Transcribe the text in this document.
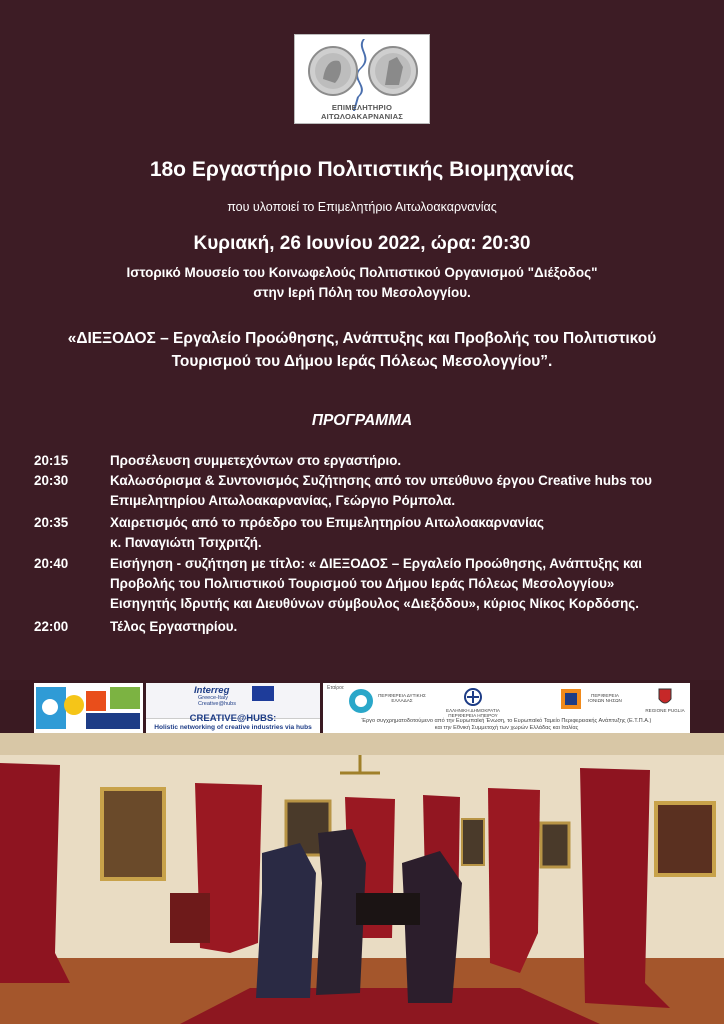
ΕΠΙΜΕΛΗΤΗΡΙΟ ΑΙΤΩΛΟΑΚΑΡΝΑΝΙΑΣ
18ο Εργαστήριο Πολιτιστικής Βιομηχανίας
που υλοποιεί το Επιμελητήριο Αιτωλοακαρνανίας
Κυριακή, 26 Ιουνίου 2022, ώρα: 20:30
Ιστορικό Μουσείο του Κοινωφελούς Πολιτιστικού Οργανισμού "Διέξοδος"
στην Ιερή Πόλη του Μεσολογγίου.
«ΔΙΕΞΟΔΟΣ – Εργαλείο Προώθησης, Ανάπτυξης και Προβολής του Πολιτιστικού
Τουρισμού του Δήμου Ιεράς Πόλεως Μεσολογγίου”.
ΠΡΟΓΡΑΜΜΑ
20:15	Προσέλευση συμμετεχόντων στο εργαστήριο.
20:30	Καλωσόρισμα & Συντονισμός Συζήτησης από τον υπεύθυνο έργου Creative hubs του
Επιμελητηρίου Αιτωλοακαρνανίας, Γεώργιο Ρόμπολα.
20:35	Χαιρετισμός από το πρόεδρο του Επιμελητηρίου Αιτωλοακαρνανίας
κ. Παναγιώτη Τσιχριτζή.
20:40	Εισήγηση - συζήτηση με τίτλο: « ΔΙΕΞΟΔΟΣ – Εργαλείο Προώθησης, Ανάπτυξης και
Προβολής του Πολιτιστικού Τουρισμού του Δήμου Ιεράς Πόλεως Μεσολογγίου»
Εισηγητής Ιδρυτής και Διευθύνων σύμβουλος «Διεξόδου», κύριος Νίκος Κορδόσης.
22:00	Τέλος Εργαστηρίου.
Interreg
Greece-Italy
Creative@hubs
CREATIVE@HUBS:
Holistic networking of creative industries via hubs
Εταίροι:
ΠΕΡΙΦΕΡΕΙΑ ΔΥΤΙΚΗΣ ΕΛΛΑΔΑΣ
ΕΛΛΗΝΙΚΗ ΔΗΜΟΚΡΑΤΙΑ ΠΕΡΙΦΕΡΕΙΑ ΗΠΕΙΡΟΥ
ΠΕΡΙΦΕΡΕΙΑ ΙΟΝΙΩΝ ΝΗΣΩΝ
REGIONE PUGLIA
Έργο συγχρηματοδοτούμενο από την Ευρωπαϊκή Ένωση, το Ευρωπαϊκό Ταμείο Περιφερειακής Ανάπτυξης (Ε.Τ.Π.Α.)
και την Εθνική Συμμετοχή των χωρών Ελλάδας και Ιταλίας
